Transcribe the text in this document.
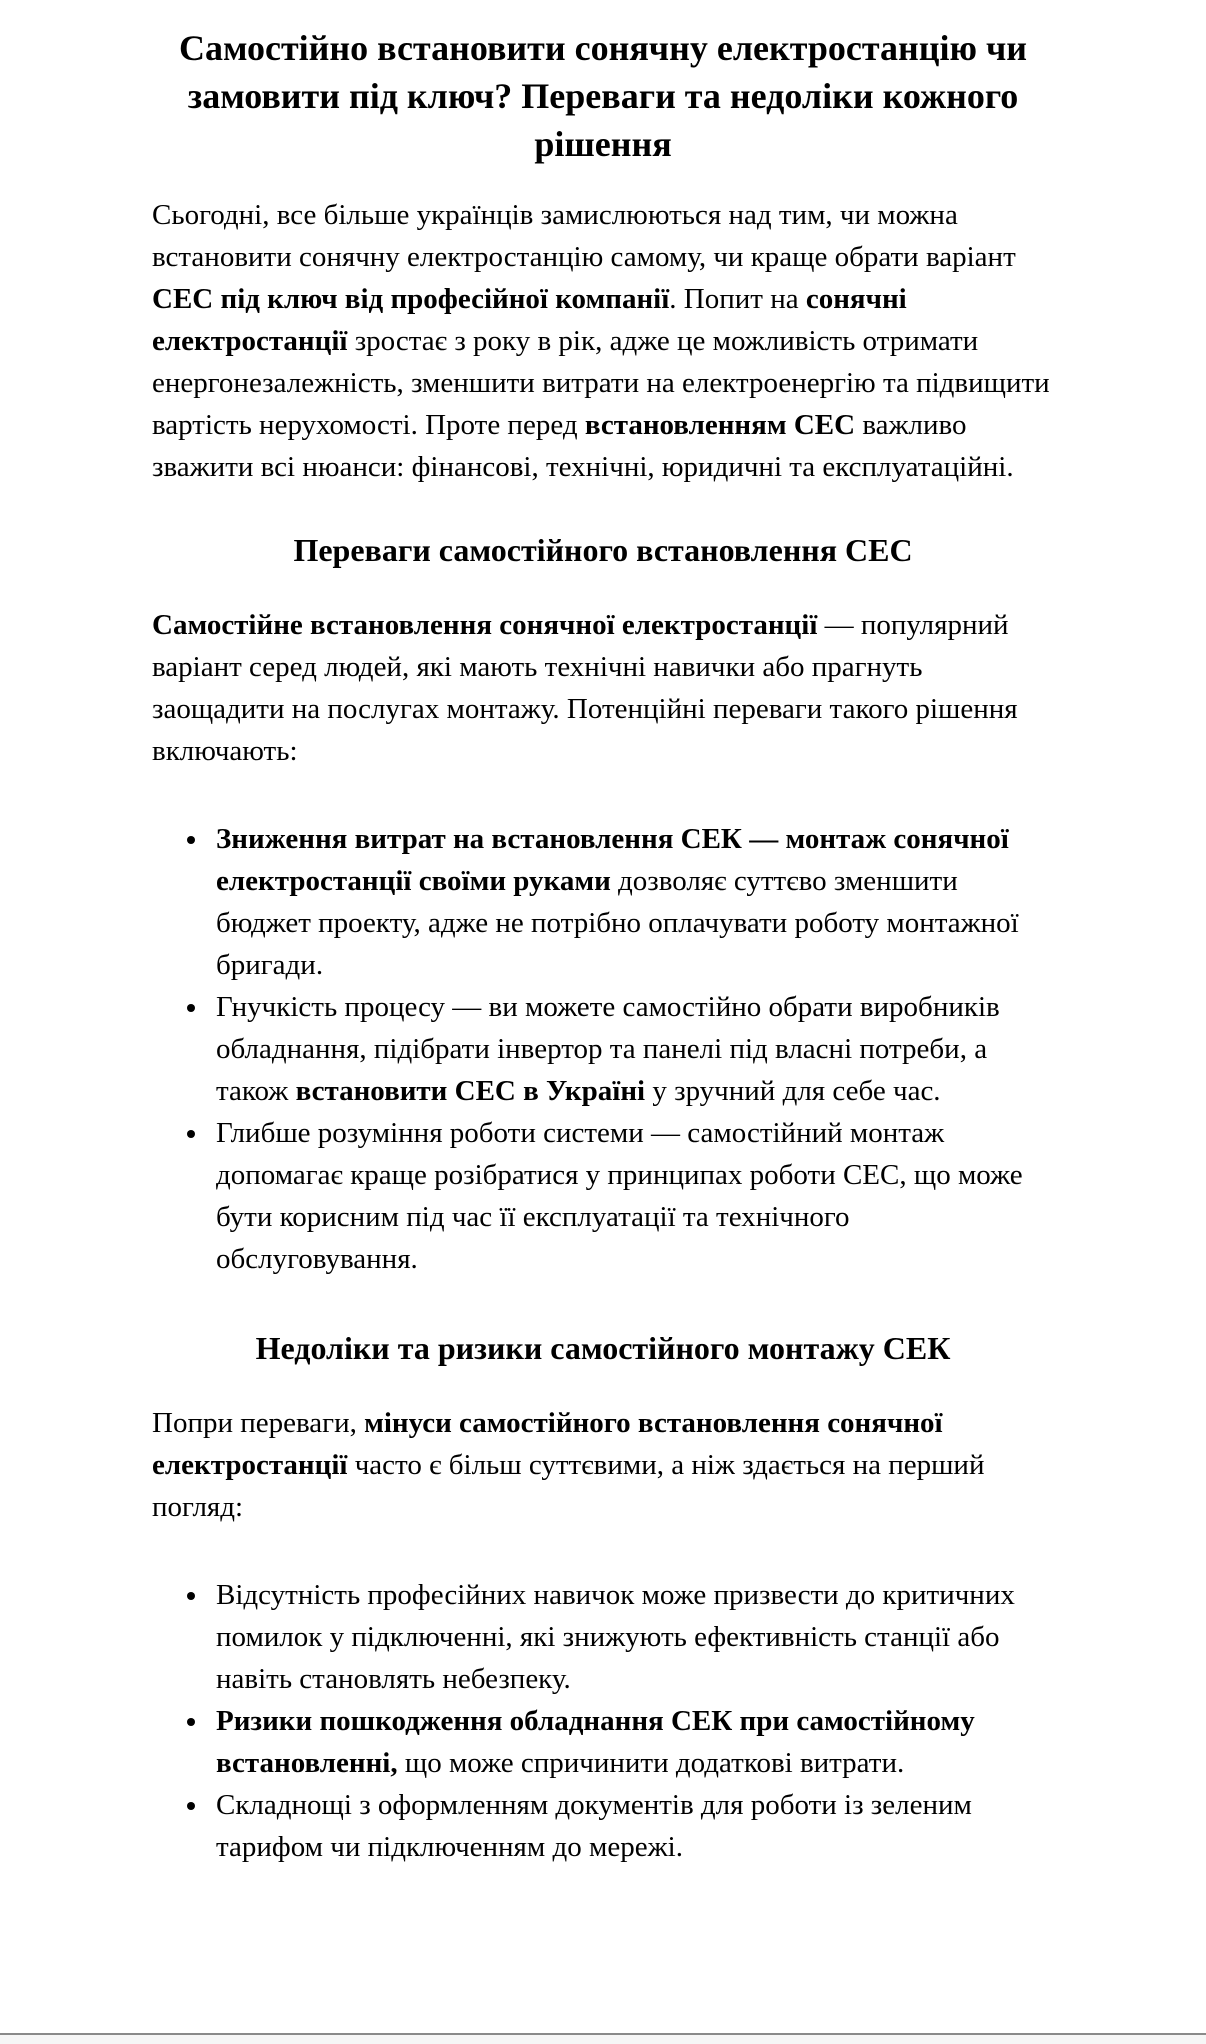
Самостійно встановити сонячну електростанцію чи замовити під ключ? Переваги та недоліки кожного рішення

Сьогодні, все більше українців замислюються над тим, чи можна встановити сонячну електростанцію самому, чи краще обрати варіант СЕС під ключ від професійної компанії. Попит на сонячні електростанції зростає з року в рік, адже це можливість отримати енергонезалежність, зменшити витрати на електроенергію та підвищити вартість нерухомості. Проте перед встановленням СЕС важливо зважити всі нюанси: фінансові, технічні, юридичні та експлуатаційні.

Переваги самостійного встановлення СЕС

Самостійне встановлення сонячної електростанції — популярний варіант серед людей, які мають технічні навички або прагнуть заощадити на послугах монтажу. Потенційні переваги такого рішення включають:

• Зниження витрат на встановлення СЕК — монтаж сонячної електростанції своїми руками дозволяє суттєво зменшити бюджет проекту, адже не потрібно оплачувати роботу монтажної бригади.
• Гнучкість процесу — ви можете самостійно обрати виробників обладнання, підібрати інвертор та панелі під власні потреби, а також встановити СЕС в Україні у зручний для себе час.
• Глибше розуміння роботи системи — самостійний монтаж допомагає краще розібратися у принципах роботи СЕС, що може бути корисним під час її експлуатації та технічного обслуговування.
Недоліки та ризики самостійного монтажу СЕК

Попри переваги, мінуси самостійного встановлення сонячної електростанції часто є більш суттєвими, а ніж здається на перший погляд:

• Відсутність професійних навичок може призвести до критичних помилок у підключенні, які знижують ефективність станції або навіть становлять небезпеку.
• Ризики пошкодження обладнання СЕК при самостійному встановленні, що може спричинити додаткові витрати.
• Складнощі з оформленням документів для роботи із зеленим тарифом чи підключенням до мережі.
